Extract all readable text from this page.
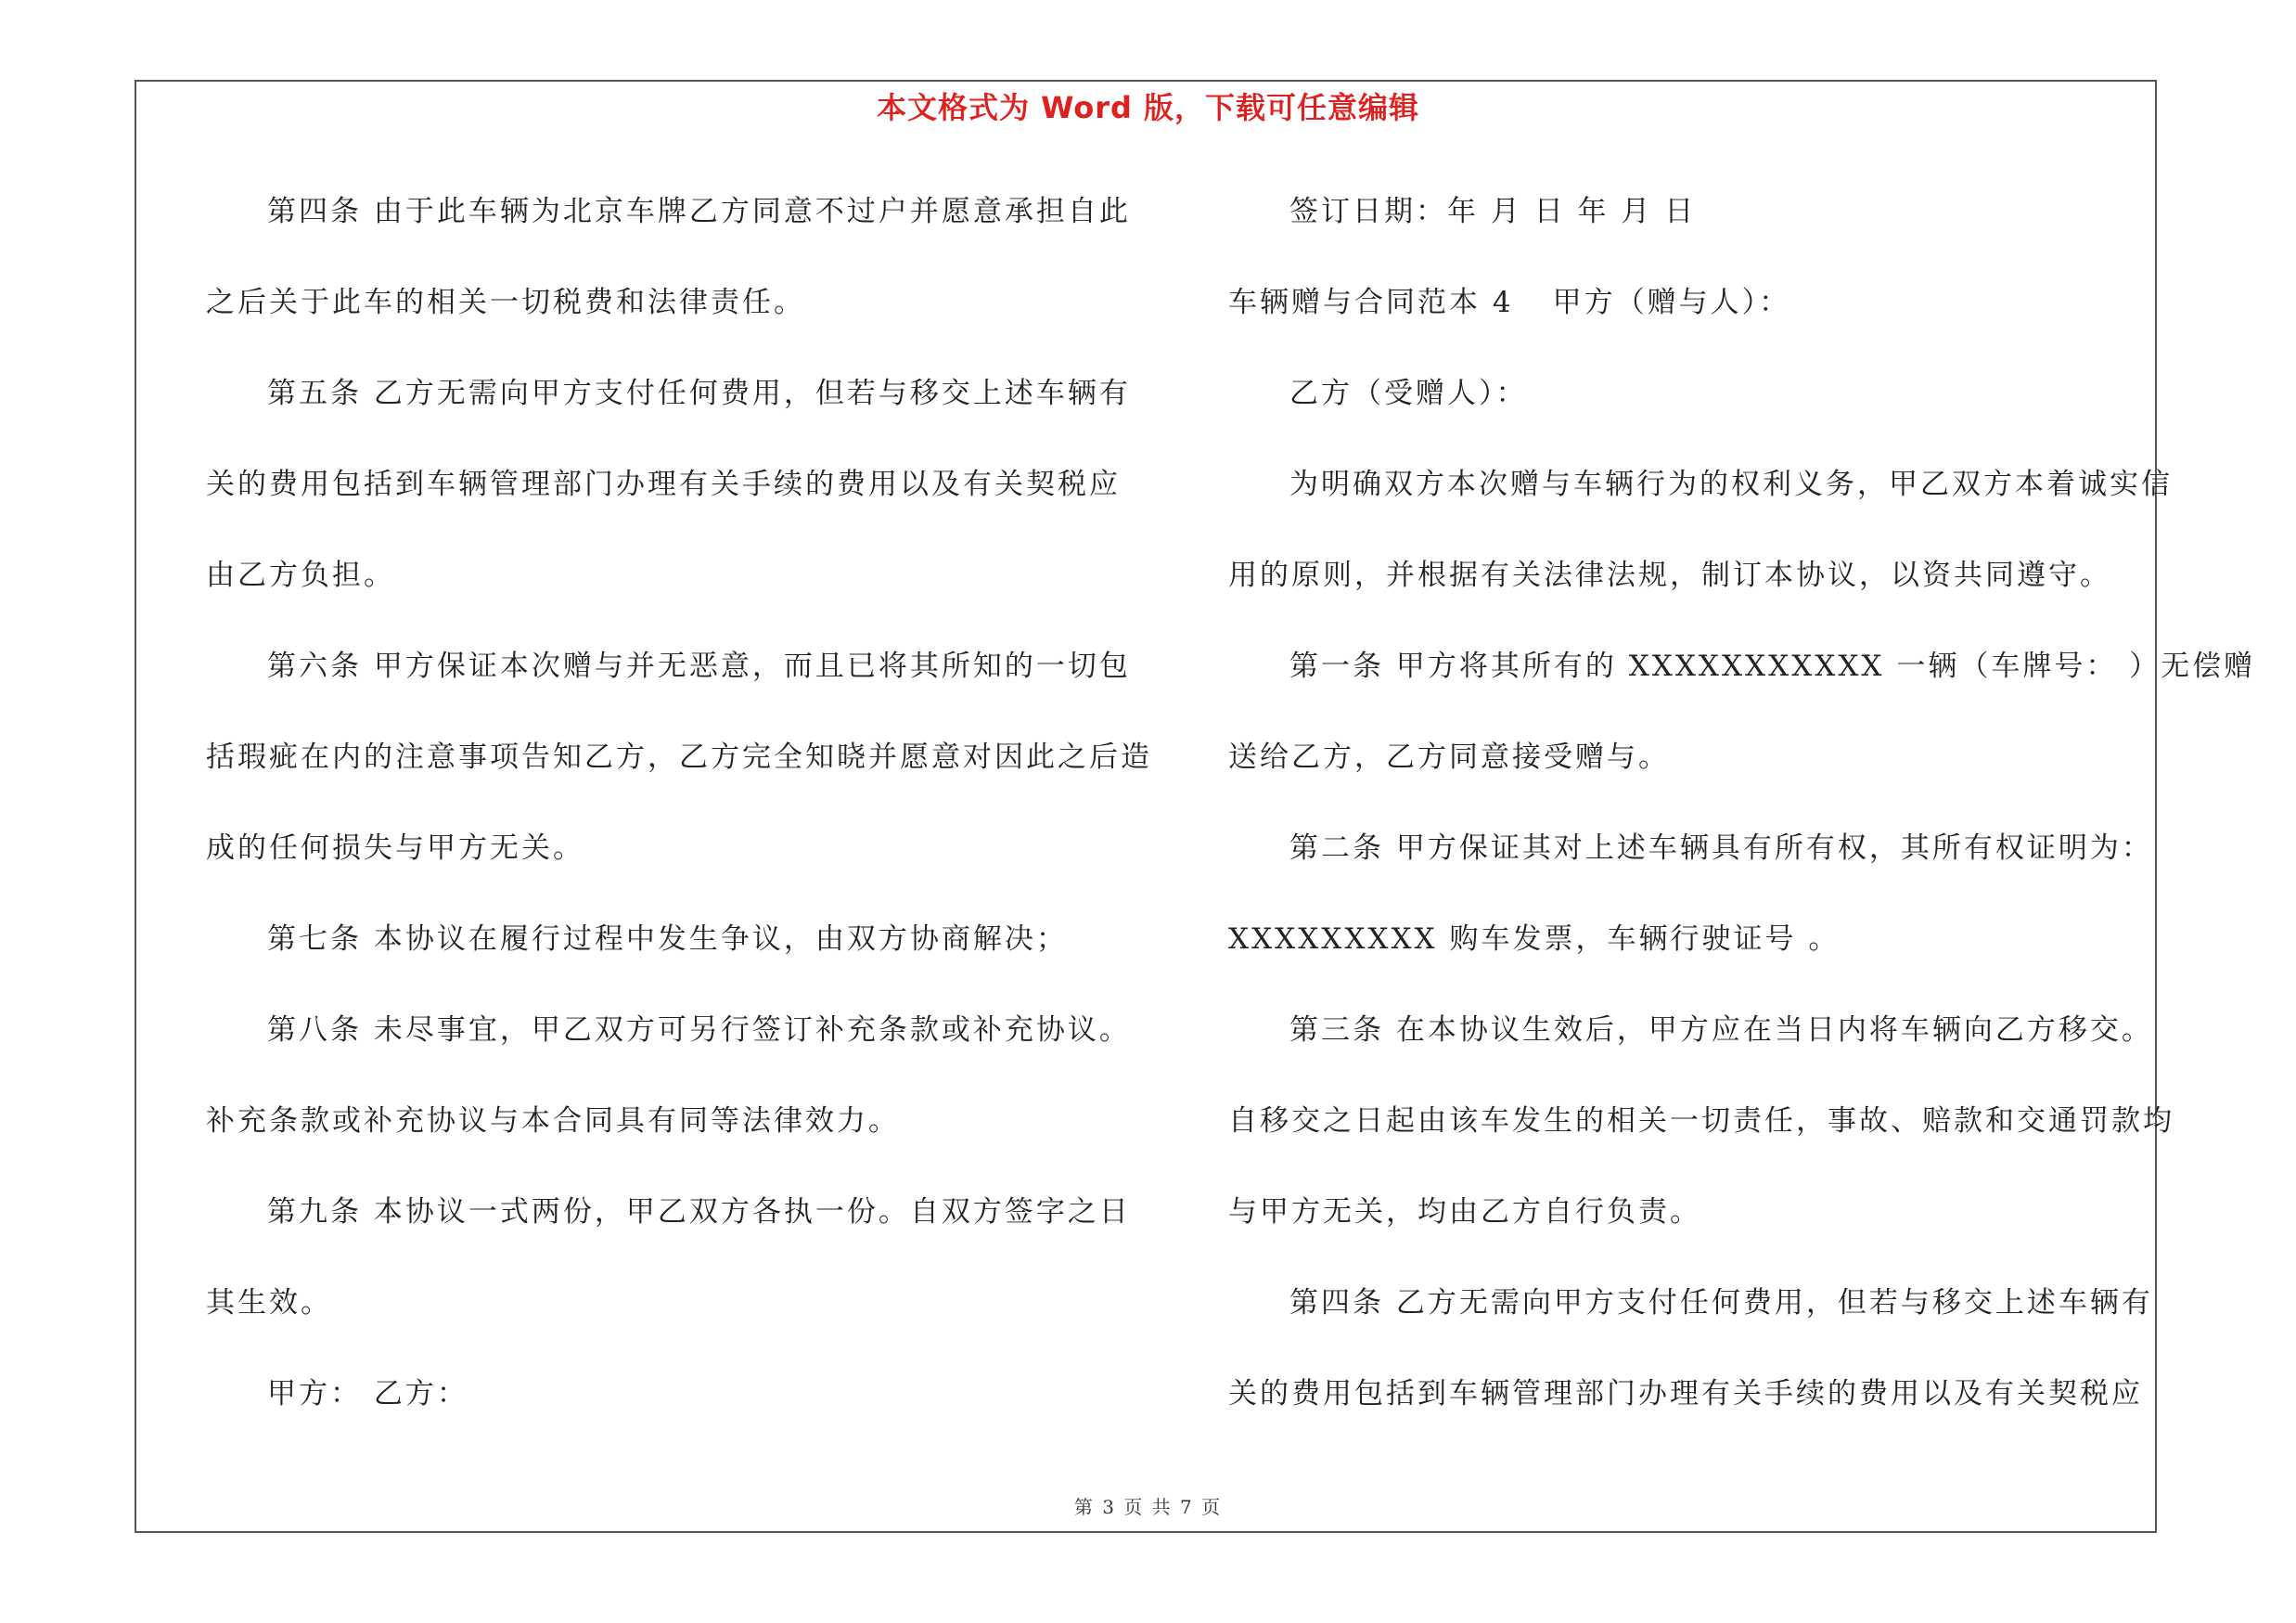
本文格式为 Word 版，下载可任意编辑
第四条 由于此车辆为北京车牌乙方同意不过户并愿意承担自此
之后关于此车的相关一切税费和法律责任。
第五条 乙方无需向甲方支付任何费用，但若与移交上述车辆有
关的费用包括到车辆管理部门办理有关手续的费用以及有关契税应
由乙方负担。
第六条 甲方保证本次赠与并无恶意，而且已将其所知的一切包
括瑕疵在内的注意事项告知乙方，乙方完全知晓并愿意对因此之后造
成的任何损失与甲方无关。
第七条 本协议在履行过程中发生争议，由双方协商解决；
第八条 未尽事宜，甲乙双方可另行签订补充条款或补充协议。
补充条款或补充协议与本合同具有同等法律效力。
第九条 本协议一式两份，甲乙双方各执一份。自双方签字之日
其生效。
甲方： 乙方：
签订日期：年 月 日 年 月 日
车辆赠与合同范本 4 甲方（赠与人）：
乙方（受赠人）：
为明确双方本次赠与车辆行为的权利义务，甲乙双方本着诚实信
用的原则，并根据有关法律法规，制订本协议，以资共同遵守。
第一条 甲方将其所有的 XXXXXXXXXXX 一辆（车牌号： ）无偿赠
送给乙方，乙方同意接受赠与。
第二条 甲方保证其对上述车辆具有所有权，其所有权证明为：
XXXXXXXXX 购车发票，车辆行驶证号 。
第三条 在本协议生效后，甲方应在当日内将车辆向乙方移交。
自移交之日起由该车发生的相关一切责任，事故、赔款和交通罚款均
与甲方无关，均由乙方自行负责。
第四条 乙方无需向甲方支付任何费用，但若与移交上述车辆有
关的费用包括到车辆管理部门办理有关手续的费用以及有关契税应
第 3 页 共 7 页
